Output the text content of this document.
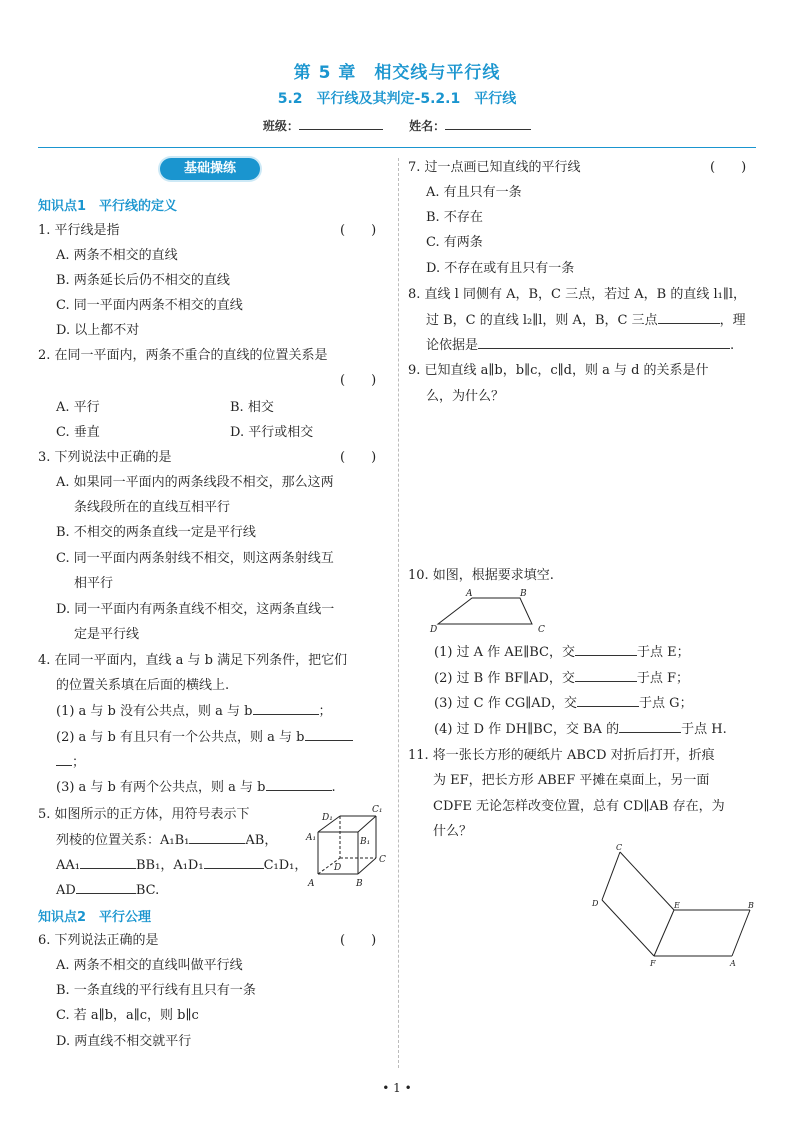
第 5 章　相交线与平行线
5.2　平行线及其判定-5.2.1　平行线
班级：	姓名：
基础操练
知识点1　平行线的定义
1. 平行线是指	(　　)
A. 两条不相交的直线
B. 两条延长后仍不相交的直线
C. 同一平面内两条不相交的直线
D. 以上都不对
2. 在同一平面内，两条不重合的直线的位置关系是
(　　)
A. 平行	B. 相交
C. 垂直	D. 平行或相交
3. 下列说法中正确的是	(　　)
A. 如果同一平面内的两条线段不相交，那么这两
条线段所在的直线互相平行
B. 不相交的两条直线一定是平行线
C. 同一平面内两条射线不相交，则这两条射线互
相平行
D. 同一平面内有两条直线不相交，这两条直线一
定是平行线
4. 在同一平面内，直线 a 与 b 满足下列条件，把它们
的位置关系填在后面的横线上.
(1) a 与 b 没有公共点，则 a 与 b	；
(2) a 与 b 有且只有一个公共点，则 a 与 b
；
(3) a 与 b 有两个公共点，则 a 与 b	.
5. 如图所示的正方体，用符号表示下
列棱的位置关系：A₁B₁	AB，
AA₁	BB₁，A₁D₁	C₁D₁，
AD	BC.	A	B
C
D
A₁	B₁
C₁
D₁
知识点2　平行公理
6. 下列说法正确的是	(　　)
A. 两条不相交的直线叫做平行线
B. 一条直线的平行线有且只有一条
C. 若 a∥b，a∥c，则 b∥c
D. 两直线不相交就平行
7. 过一点画已知直线的平行线	(　　)
A. 有且只有一条
B. 不存在
C. 有两条
D. 不存在或有且只有一条
8. 直线 l 同侧有 A，B，C 三点，若过 A，B 的直线 l₁∥l，
过 B，C 的直线 l₂∥l，则 A，B，C 三点	，理
论依据是	.
9. 已知直线 a∥b，b∥c，c∥d，则 a 与 d 的关系是什
么，为什么？
10. 如图，根据要求填空.
A	B
C
D
(1) 过 A 作 AE∥BC，交	于点 E；
(2) 过 B 作 BF∥AD，交	于点 F；
(3) 过 C 作 CG∥AD，交	于点 G；
(4) 过 D 作 DH∥BC，交 BA 的	于点 H.
11. 将一张长方形的硬纸片 ABCD 对折后打开，折痕
为 EF，把长方形 ABEF 平摊在桌面上，另一面
CDFE 无论怎样改变位置，总有 CD∥AB 存在，为
什么？
C
D	E
F
B
A
• 1 •
